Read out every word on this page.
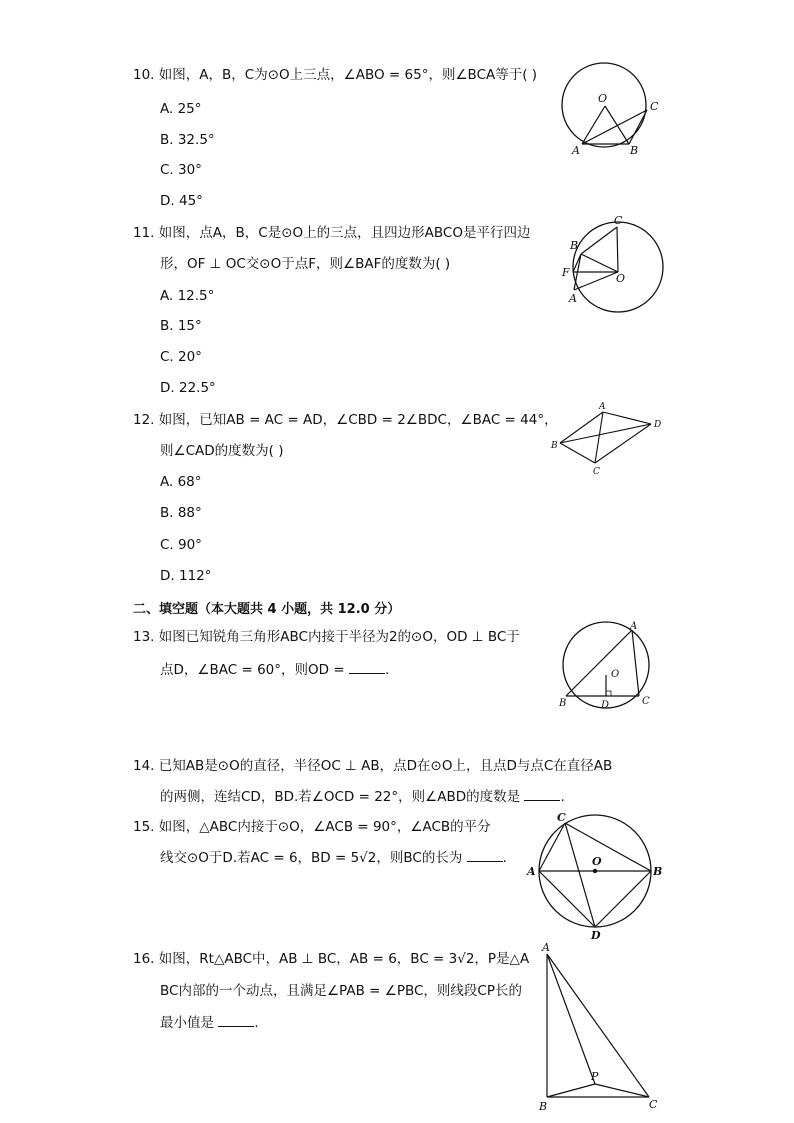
10. 如图，A，B，C为⊙O上三点，∠ABO = 65°，则∠BCA等于( )
A. 25°
B. 32.5°
C. 30°
D. 45°
O
A	B
C
11. 如图，点A，B，C是⊙O上的三点，且四边形ABCO是平行四边
形，OF ⊥ OC交⊙O于点F，则∠BAF的度数为( )
A. 12.5°
B. 15°
C. 20°
D. 22.5°
C
B
F	O
A
12. 如图，已知AB = AC = AD，∠CBD = 2∠BDC，∠BAC = 44°，
则∠CAD的度数为( )
A. 68°
B. 88°
C. 90°
D. 112°
A
B
C
D
二、填空题（本大题共 4 小题，共 12.0 分）
13. 如图已知锐角三角形ABC内接于半径为2的⊙O，OD ⊥ BC于
点D，∠BAC = 60°，则OD =	.
A
O
B	D	C
14. 已知AB是⊙O的直径，半径OC ⊥ AB，点D在⊙O上，且点D与点C在直径AB
的两侧，连结CD，BD.若∠OCD = 22°，则∠ABD的度数是	.
15. 如图，△ABC内接于⊙O，∠ACB = 90°，∠ACB的平分
线交⊙O于D.若AC = 6，BD = 5√2，则BC的长为	.
C
A
O
B
D
16. 如图，Rt△ABC中，AB ⊥ BC，AB = 6，BC = 3√2，P是△A
BC内部的一个动点，且满足∠PAB = ∠PBC，则线段CP长的
最小值是	.
A
B
P
C
